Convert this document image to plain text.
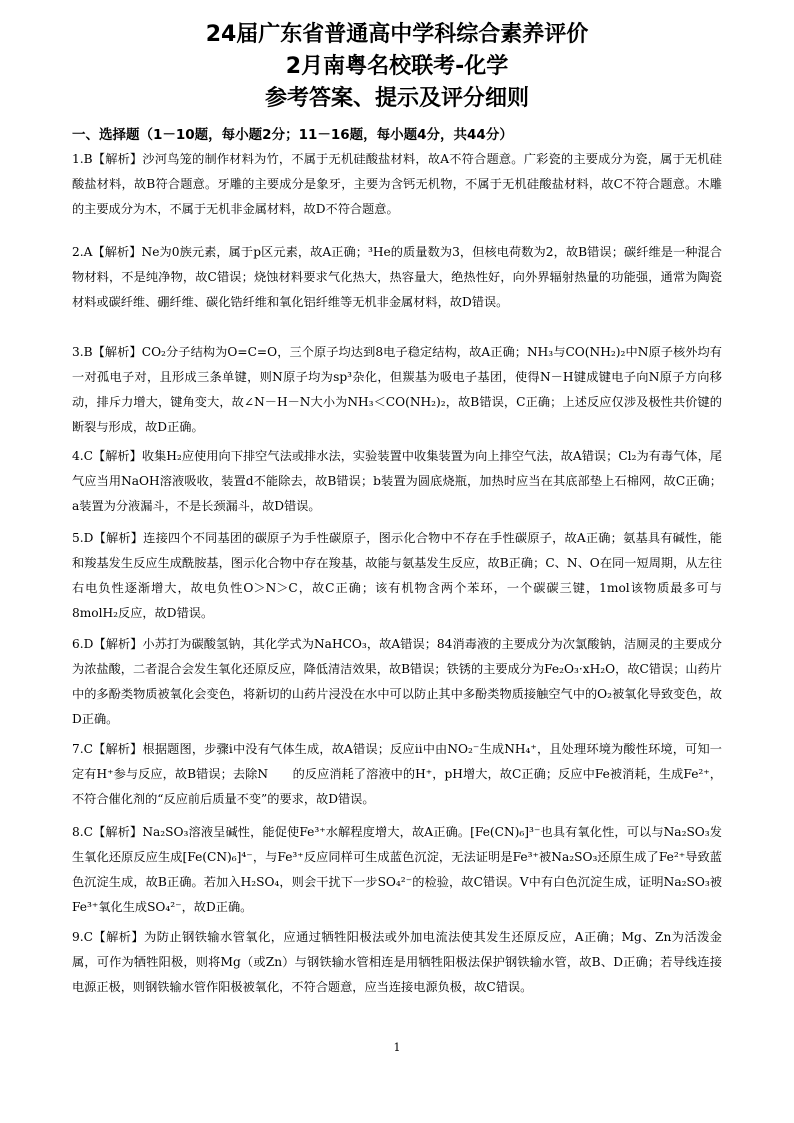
24届广东省普通高中学科综合素养评价
2月南粤名校联考-化学
参考答案、提示及评分细则
一、选择题（1－10题，每小题2分；11－16题，每小题4分，共44分）
1.B【解析】沙河鸟笼的制作材料为竹，不属于无机硅酸盐材料，故A不符合题意。广彩瓷的主要成分为瓷，属于无机硅酸盐材料，故B符合题意。牙雕的主要成分是象牙，主要为含钙无机物，不属于无机硅酸盐材料，故C不符合题意。木雕的主要成分为木，不属于无机非金属材料，故D不符合题意。
2.A【解析】Ne为0族元素，属于p区元素，故A正确；³He的质量数为3，但核电荷数为2，故B错误；碳纤维是一种混合物材料，不是纯净物，故C错误；烧蚀材料要求气化热大，热容量大，绝热性好，向外界辐射热量的功能强，通常为陶瓷材料或碳纤维、硼纤维、碳化锆纤维和氧化铝纤维等无机非金属材料，故D错误。
3.B【解析】CO₂分子结构为O=C=O，三个原子均达到8电子稳定结构，故A正确；NH₃与CO(NH₂)₂中N原子核外均有一对孤电子对，且形成三条单键，则N原子均为sp³杂化，但羰基为吸电子基团，使得N－H键成键电子向N原子方向移动，排斥力增大，键角变大，故∠N－H－N大小为NH₃＜CO(NH₂)₂，故B错误，C正确；上述反应仅涉及极性共价键的断裂与形成，故D正确。
4.C【解析】收集H₂应使用向下排空气法或排水法，实验装置中收集装置为向上排空气法，故A错误；Cl₂为有毒气体，尾气应当用NaOH溶液吸收，装置d不能除去，故B错误；b装置为圆底烧瓶，加热时应当在其底部垫上石棉网，故C正确；a装置为分液漏斗，不是长颈漏斗，故D错误。
5.D【解析】连接四个不同基团的碳原子为手性碳原子，图示化合物中不存在手性碳原子，故A正确；氨基具有碱性，能和羧基发生反应生成酰胺基，图示化合物中存在羧基，故能与氨基发生反应，故B正确；C、N、O在同一短周期，从左往右电负性逐渐增大，故电负性O＞N＞C，故C正确；该有机物含两个苯环，一个碳碳三键，1mol该物质最多可与8molH₂反应，故D错误。
6.D【解析】小苏打为碳酸氢钠，其化学式为NaHCO₃，故A错误；84消毒液的主要成分为次氯酸钠，洁厕灵的主要成分为浓盐酸，二者混合会发生氧化还原反应，降低清洁效果，故B错误；铁锈的主要成分为Fe₂O₃·xH₂O，故C错误；山药片中的多酚类物质被氧化会变色，将新切的山药片浸没在水中可以防止其中多酚类物质接触空气中的O₂被氧化导致变色，故D正确。
7.C【解析】根据题图，步骤i中没有气体生成，故A错误；反应ii中由NO₂⁻生成NH₄⁺，且处理环境为酸性环境，可知一定有H⁺参与反应，故B错误；去除N　　的反应消耗了溶液中的H⁺，pH增大，故C正确；反应中Fe被消耗，生成Fe²⁺，不符合催化剂的“反应前后质量不变”的要求，故D错误。
8.C【解析】Na₂SO₃溶液呈碱性，能促使Fe³⁺水解程度增大，故A正确。[Fe(CN)₆]³⁻也具有氧化性，可以与Na₂SO₃发生氧化还原反应生成[Fe(CN)₆]⁴⁻，与Fe³⁺反应同样可生成蓝色沉淀，无法证明是Fe³⁺被Na₂SO₃还原生成了Fe²⁺导致蓝色沉淀生成，故B正确。若加入H₂SO₄，则会干扰下一步SO₄²⁻的检验，故C错误。V中有白色沉淀生成，证明Na₂SO₃被Fe³⁺氧化生成SO₄²⁻，故D正确。
9.C【解析】为防止钢铁输水管氧化，应通过牺牲阳极法或外加电流法使其发生还原反应，A正确；Mg、Zn为活泼金属，可作为牺牲阳极，则将Mg（或Zn）与钢铁输水管相连是用牺牲阳极法保护钢铁输水管，故B、D正确；若导线连接电源正极，则钢铁输水管作阳极被氧化，不符合题意，应当连接电源负极，故C错误。
1
